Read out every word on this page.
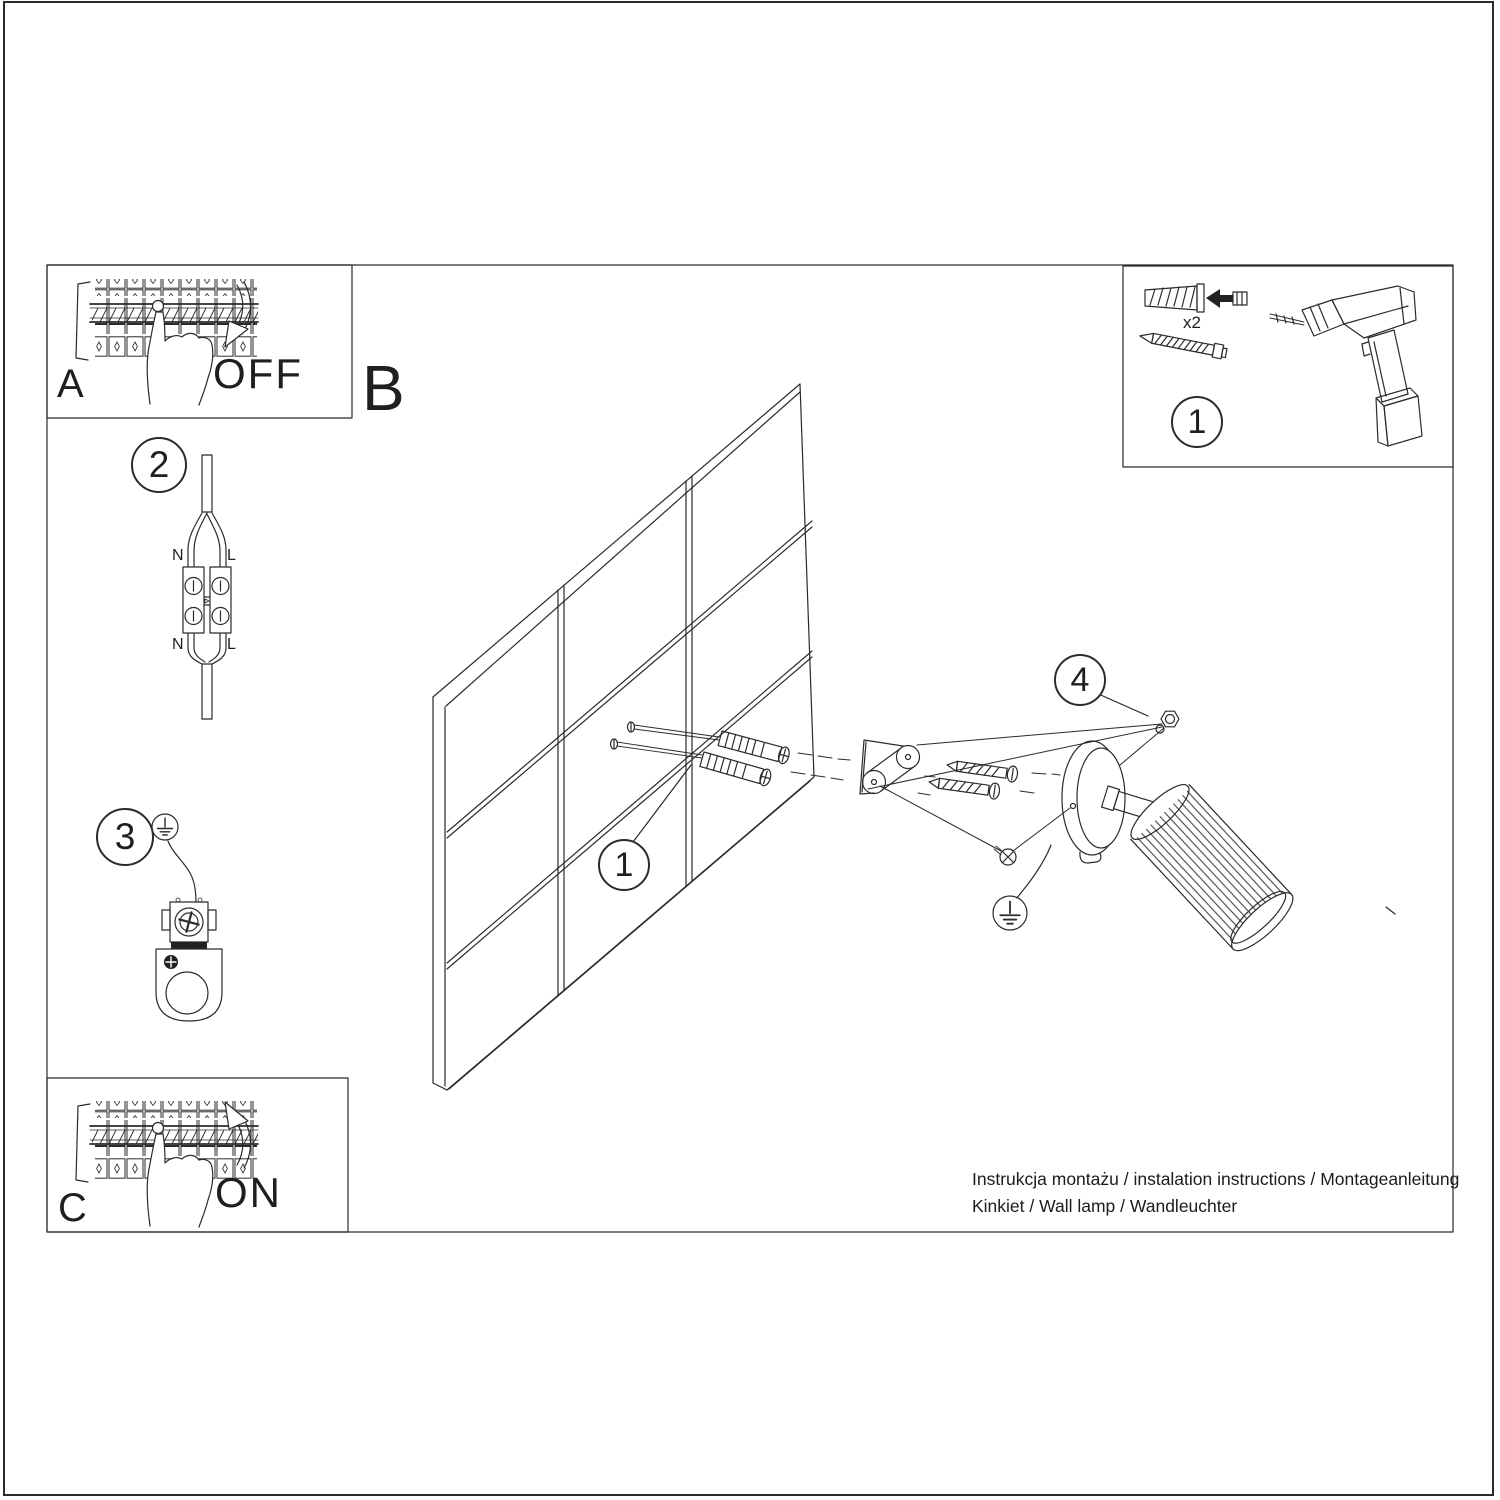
A	OFF B
C	ON
2
3
1
1
4
N	L
N	L
x2
Instrukcja montażu / instalation instructions / Montageanleitung
Kinkiet / Wall lamp / Wandleuchter
